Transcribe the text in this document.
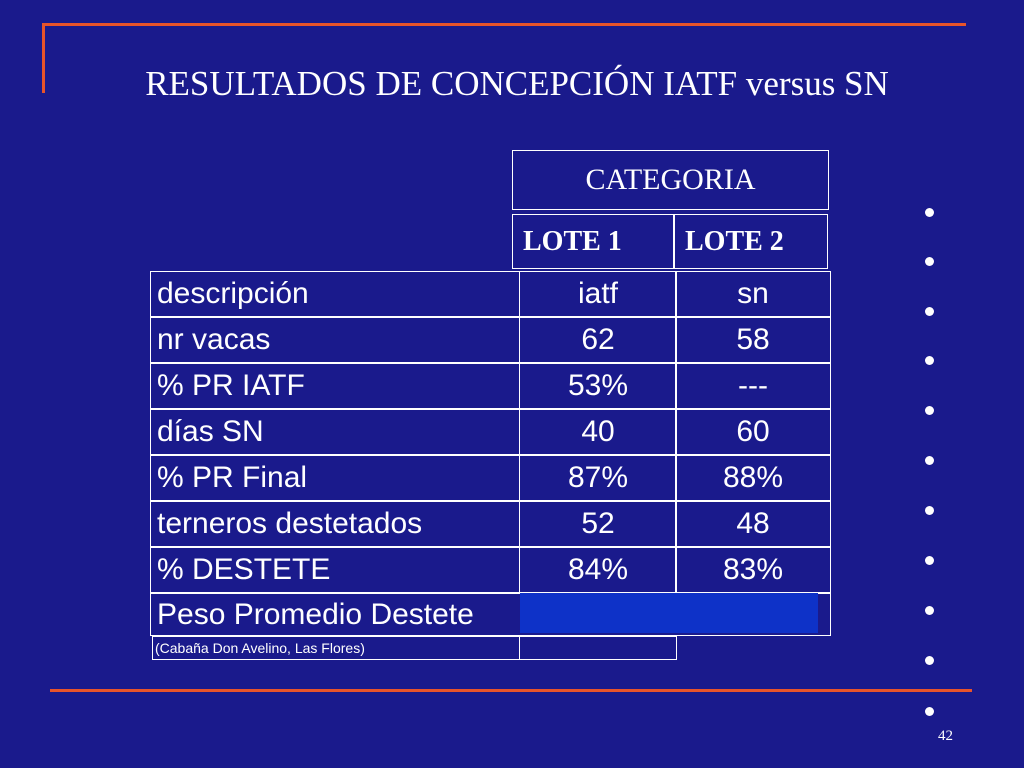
RESULTADOS DE CONCEPCIÓN IATF versus SN
CATEGORIA
LOTE 1	LOTE 2
descripción	iatf	sn
nr vacas	62	58
% PR IATF	53%	---
días SN	40	60
% PR Final	87%	88%
terneros destetados	52	48
% DESTETE	84%	83%
Peso Promedio Destete
(Cabaña Don Avelino, Las Flores)
42
